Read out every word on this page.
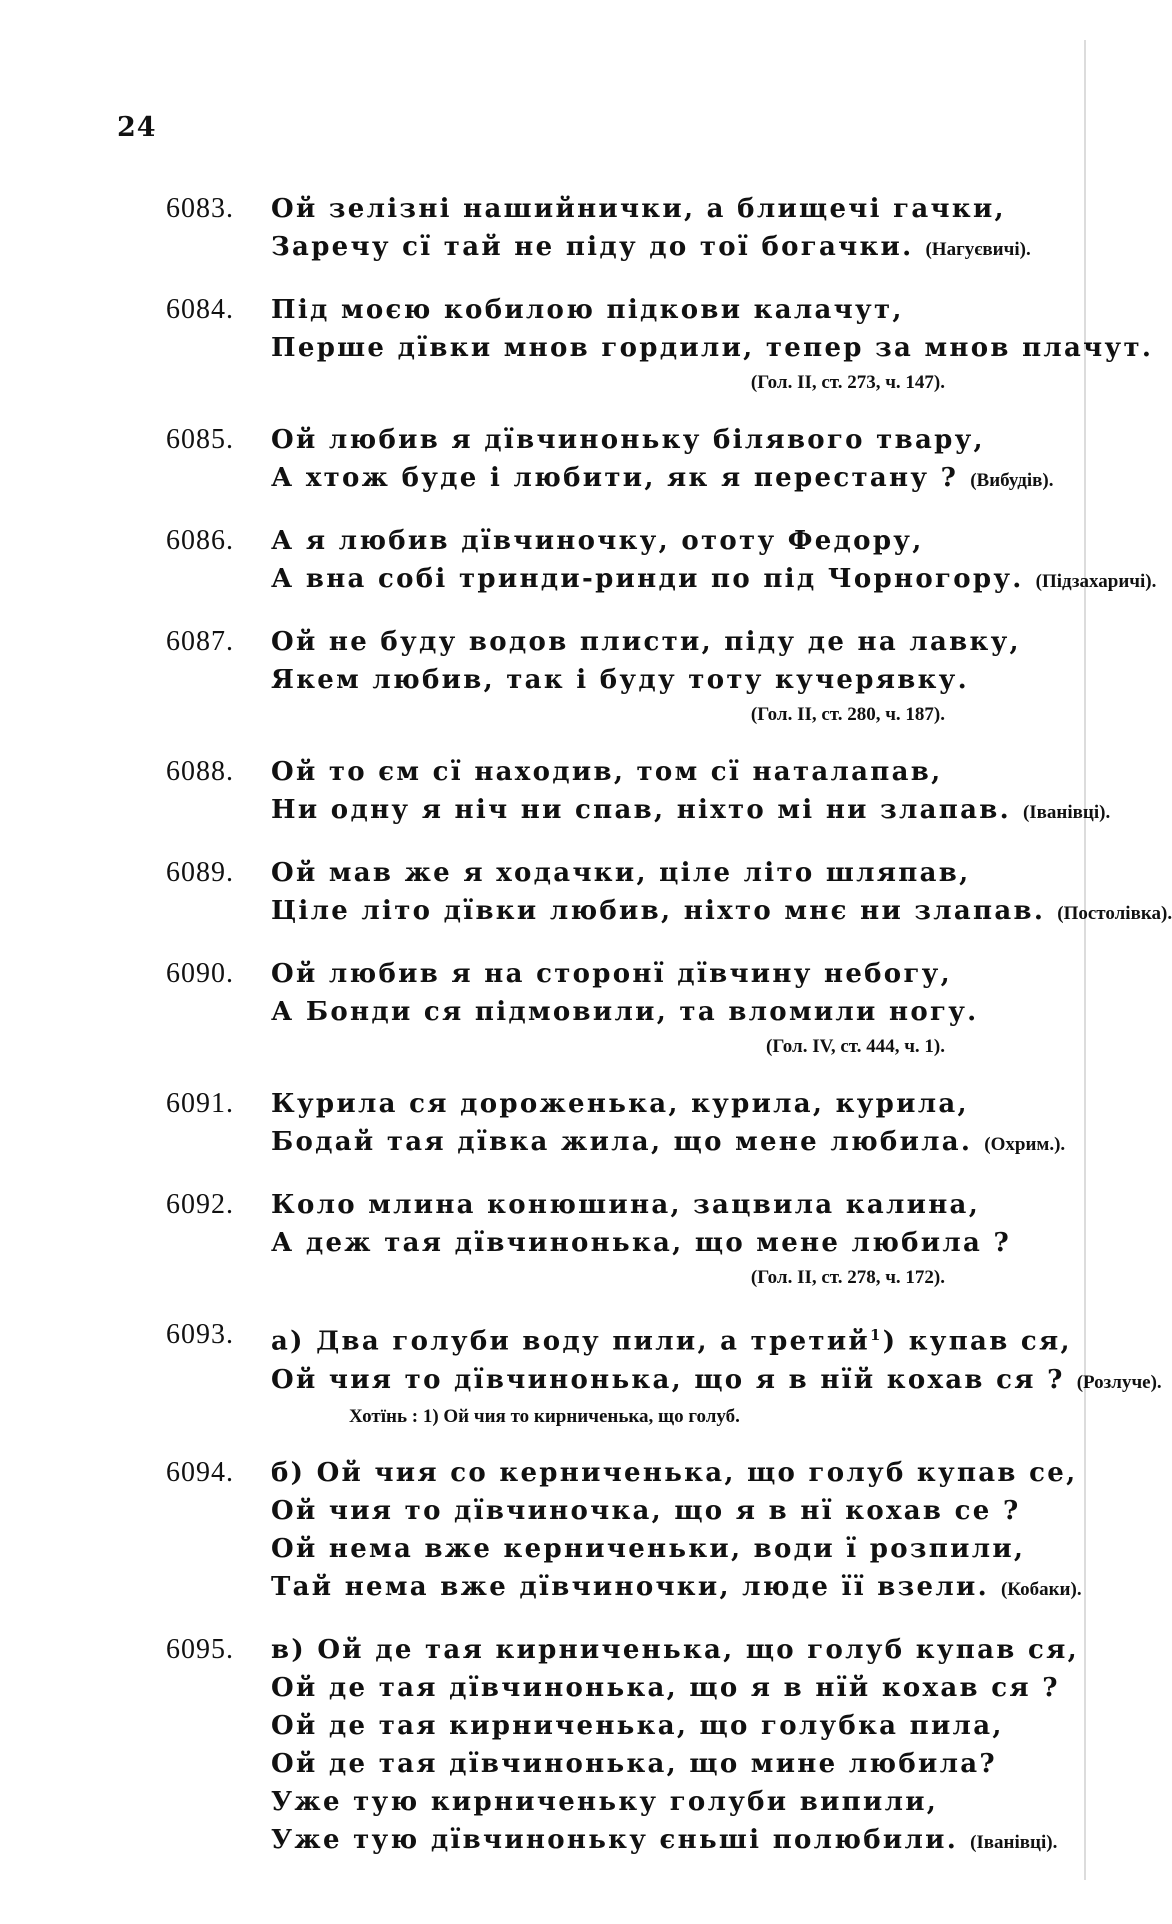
24
6083.	Ой зелізні нашийнички, а блищечі гачки,
Заречу сї тай не піду до тої богачки. (Нагуєвичі).
6084.	Під моєю кобилою підкови калачут,
Перше дївки мнов гордили, тепер за мнов плачут.
(Гол. II, ст. 273, ч. 147).
6085.	Ой любив я дївчиноньку білявого твару,
А хтож буде і любити, як я перестану ? (Вибудів).
6086.	А я любив дївчиночку, ототу Федору,
А вна собі тринди-ринди по під Чорногору. (Підзахаричі).
6087.	Ой не буду водов плисти, піду де на лавку,
Якем любив, так і буду тоту кучерявку.
(Гол. II, ст. 280, ч. 187).
6088.	Ой то єм сї находив, том сї наталапав,
Ни одну я ніч ни спав, ніхто мі ни злапав. (Іванівці).
6089.	Ой мав же я ходачки, ціле літо шляпав,
Ціле літо дївки любив, ніхто мнє ни злапав. (Постолівка).
6090.	Ой любив я на сторонї дївчину небогу,
А Бонди ся підмовили, та вломили ногу.
(Гол. IV, ст. 444, ч. 1).
6091.	Курила ся дороженька, курила, курила,
Бодай тая дївка жила, що мене любила. (Охрим.).
6092.	Коло млина конюшина, зацвила калина,
А деж тая дївчинонька, що мене любила ?
(Гол. II, ст. 278, ч. 172).
6093.	а) Два голуби воду пили, а третий$^1$) купав ся,
Ой чия то дївчинонька, що я в нїй кохав ся ? (Розлуче).
Хотїнь : 1) Ой чия то кирниченька, що голуб.
6094.	б) Ой чия со керниченька, що голуб купав се,
Ой чия то дївчиночка, що я в нї кохав се ?
Ой нема вже керниченьки, води ї розпили,
Тай нема вже дївчиночки, люде її взели. (Кобаки).
6095.	в) Ой де тая кирниченька, що голуб купав ся,
Ой де тая дївчинонька, що я в нїй кохав ся ?
Ой де тая кирниченька, що голубка пила,
Ой де тая дївчинонька, що мине любила?
Уже тую кирниченьку голуби випили,
Уже тую дївчиноньку єньші полюбили. (Іванівці).
